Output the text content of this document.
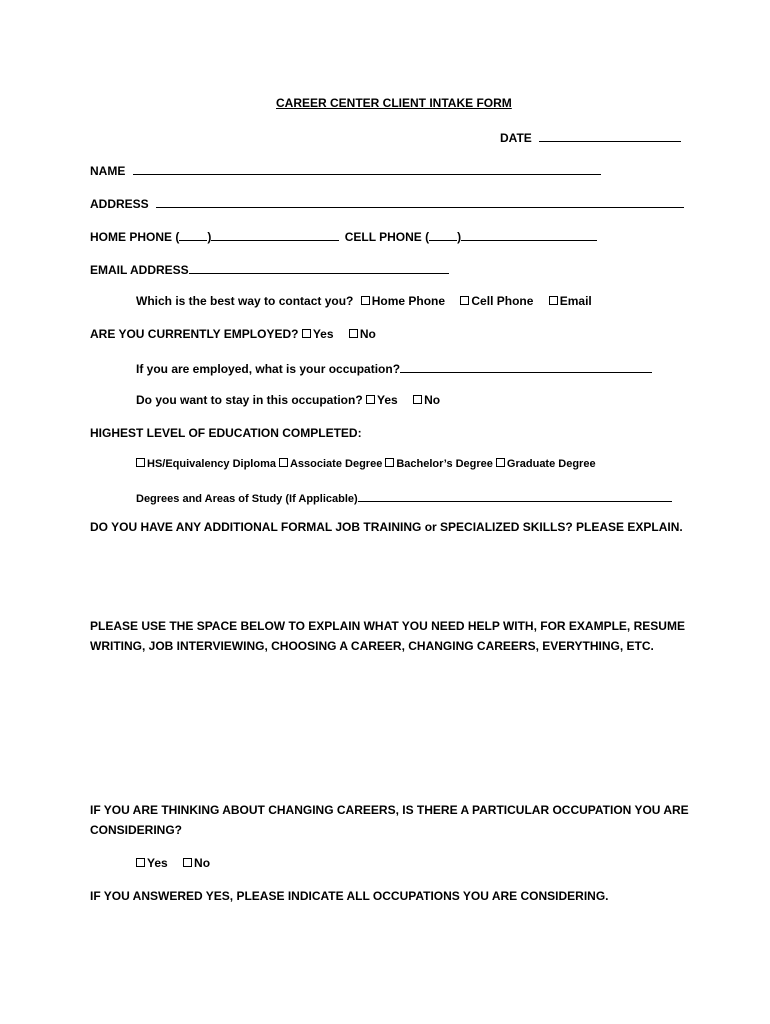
CAREER CENTER CLIENT INTAKE FORM
DATE
NAME
ADDRESS
HOME PHONE ( )	CELL PHONE ( )
EMAIL ADDRESS
Which is the best way to contact you? Home Phone Cell Phone Email
ARE YOU CURRENTLY EMPLOYED? Yes No
If you are employed, what is your occupation?
Do you want to stay in this occupation? Yes No
HIGHEST LEVEL OF EDUCATION COMPLETED:
HS/Equivalency Diploma Associate Degree Bachelor’s Degree Graduate Degree
Degrees and Areas of Study (If Applicable)
DO YOU HAVE ANY ADDITIONAL FORMAL JOB TRAINING or SPECIALIZED SKILLS? PLEASE EXPLAIN.
PLEASE USE THE SPACE BELOW TO EXPLAIN WHAT YOU NEED HELP WITH, FOR EXAMPLE, RESUME
WRITING, JOB INTERVIEWING, CHOOSING A CAREER, CHANGING CAREERS, EVERYTHING, ETC.
IF YOU ARE THINKING ABOUT CHANGING CAREERS, IS THERE A PARTICULAR OCCUPATION YOU ARE
CONSIDERING?
Yes No
IF YOU ANSWERED YES, PLEASE INDICATE ALL OCCUPATIONS YOU ARE CONSIDERING.
